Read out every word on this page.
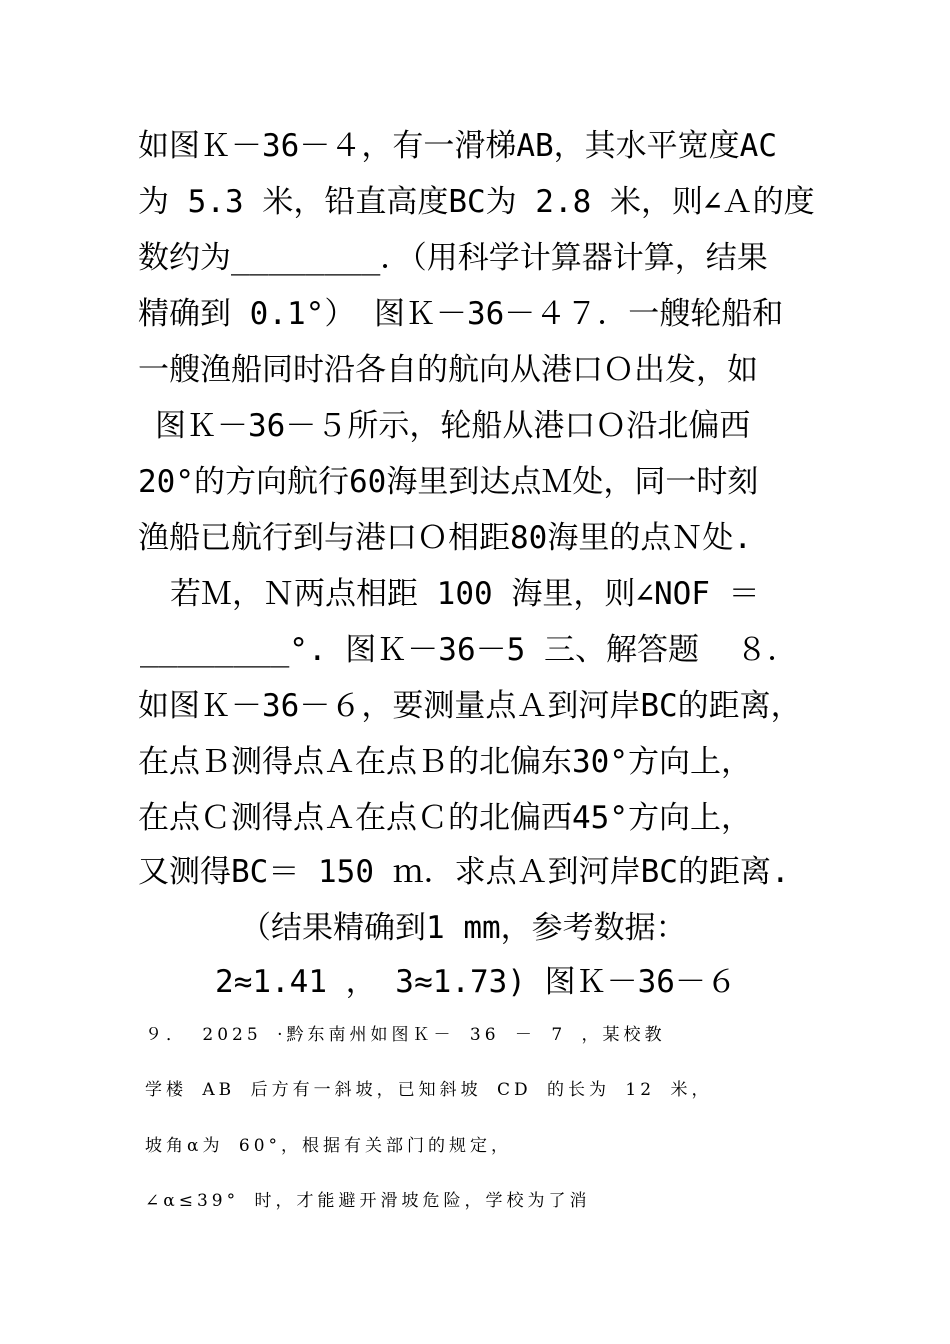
如图Ｋ－36－４，有一滑梯AB，其水平宽度AC
为 5.3 米，铅直高度BC为 2.8 米，则∠Ａ的度
数约为________．（用科学计算器计算，结果
精确到 0.1°） 图Ｋ－36－４７．一艘轮船和
一艘渔船同时沿各自的航向从港口Ｏ出发，如
图Ｋ－36－５所示，轮船从港口Ｏ沿北偏西
20°的方向航行60海里到达点Ｍ处，同一时刻
渔船已航行到与港口Ｏ相距80海里的点Ｎ处.
若Ｍ，Ｎ两点相距 100 海里，则∠NOF ＝
________°. 图Ｋ－36－5 三、解答题  ８．
如图Ｋ－36－６，要测量点Ａ到河岸BC的距离，
在点Ｂ测得点Ａ在点Ｂ的北偏东30°方向上，
在点Ｃ测得点Ａ在点Ｃ的北偏西45°方向上，
又测得BC＝ 150 ｍ．求点Ａ到河岸BC的距离.
（结果精确到1 mm，参考数据：
2≈1.41 ， 3≈1.73) 图Ｋ－36－６
９． 2025 ·黔东南州如图Ｋ－ 36 － 7 ，某校教
学楼 AB 后方有一斜坡，已知斜坡 CD 的长为 12 米，
坡角α为 60°，根据有关部门的规定，
∠α≤39° 时，才能避开滑坡危险，学校为了消
